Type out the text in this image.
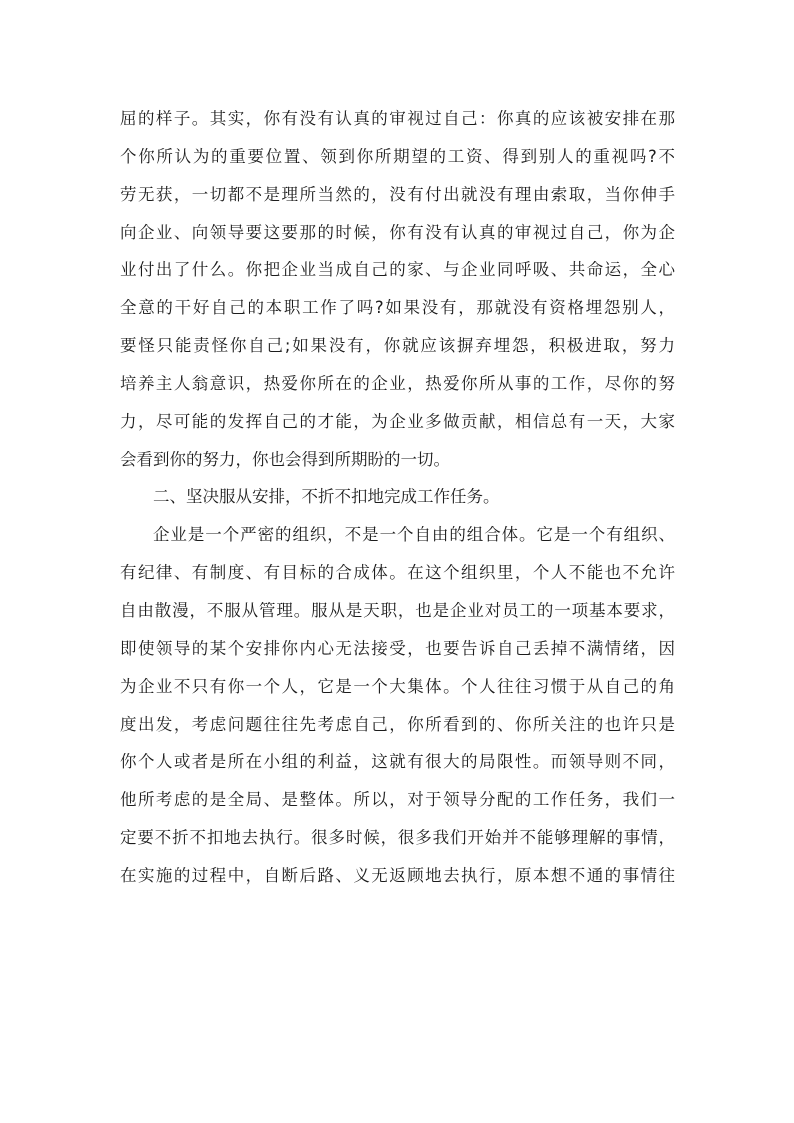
屈的样子。其实，你有没有认真的审视过自己：你真的应该被安排在那
个你所认为的重要位置、领到你所期望的工资、得到别人的重视吗?不
劳无获，一切都不是理所当然的，没有付出就没有理由索取，当你伸手
向企业、向领导要这要那的时候，你有没有认真的审视过自己，你为企
业付出了什么。你把企业当成自己的家、与企业同呼吸、共命运，全心
全意的干好自己的本职工作了吗?如果没有，那就没有资格埋怨别人，
要怪只能责怪你自己;如果没有，你就应该摒弃埋怨，积极进取，努力
培养主人翁意识，热爱你所在的企业，热爱你所从事的工作，尽你的努
力，尽可能的发挥自己的才能，为企业多做贡献，相信总有一天，大家
会看到你的努力，你也会得到所期盼的一切。
二、坚决服从安排，不折不扣地完成工作任务。
企业是一个严密的组织，不是一个自由的组合体。它是一个有组织、
有纪律、有制度、有目标的合成体。在这个组织里，个人不能也不允许
自由散漫，不服从管理。服从是天职，也是企业对员工的一项基本要求，
即使领导的某个安排你内心无法接受，也要告诉自己丢掉不满情绪，因
为企业不只有你一个人，它是一个大集体。个人往往习惯于从自己的角
度出发，考虑问题往往先考虑自己，你所看到的、你所关注的也许只是
你个人或者是所在小组的利益，这就有很大的局限性。而领导则不同，
他所考虑的是全局、是整体。所以，对于领导分配的工作任务，我们一
定要不折不扣地去执行。很多时候，很多我们开始并不能够理解的事情，
在实施的过程中，自断后路、义无返顾地去执行，原本想不通的事情往
